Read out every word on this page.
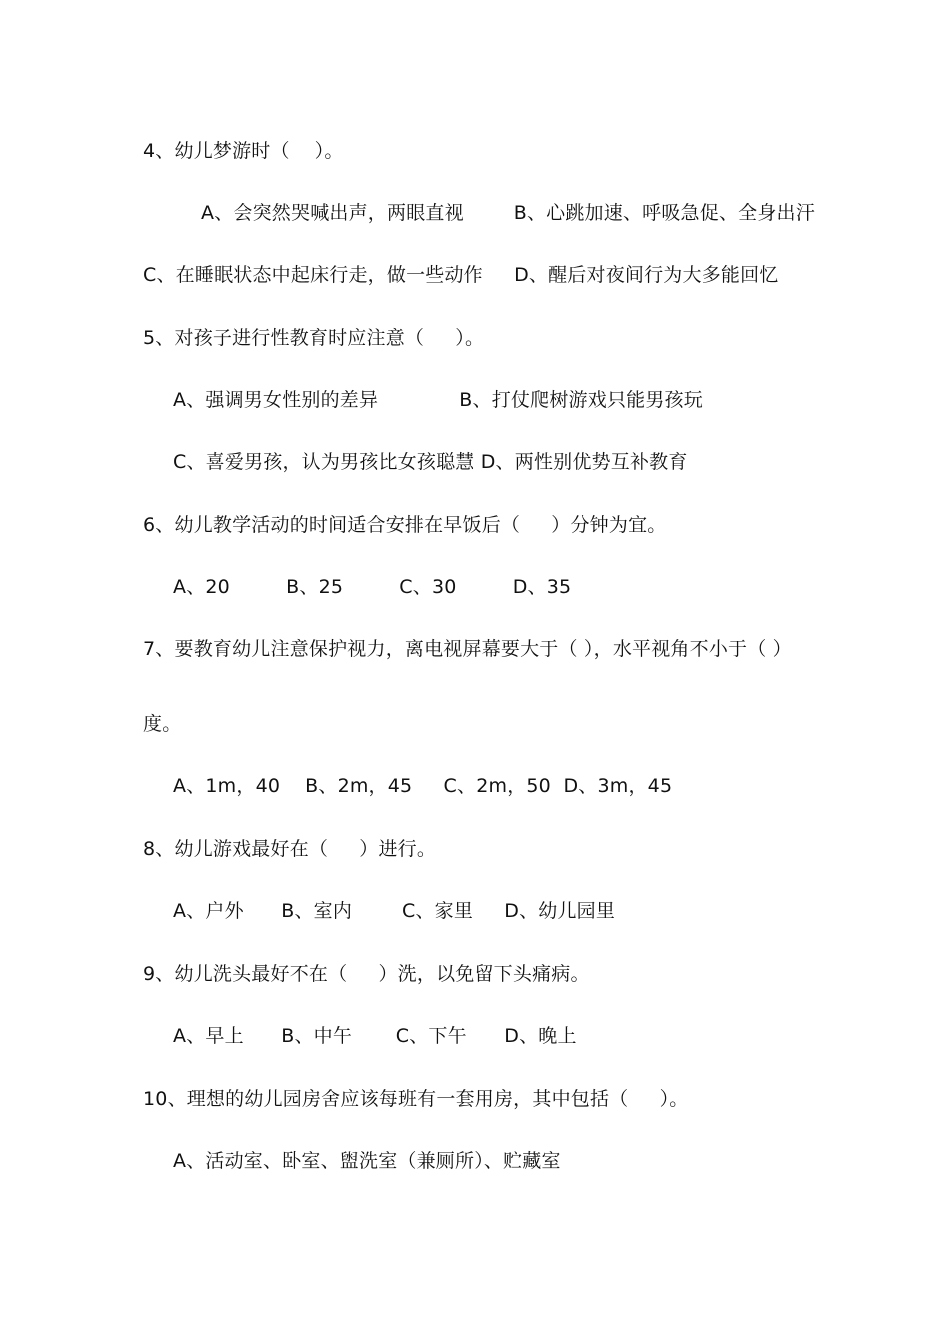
4、幼儿梦游时（    ）。
A、会突然哭喊出声，两眼直视        B、心跳加速、呼吸急促、全身出汗
C、在睡眠状态中起床行走，做一些动作     D、醒后对夜间行为大多能回忆
5、对孩子进行性教育时应注意（     ）。
A、强调男女性别的差异             B、打仗爬树游戏只能男孩玩
C、喜爱男孩，认为男孩比女孩聪慧 D、两性别优势互补教育
6、幼儿教学活动的时间适合安排在早饭后（     ）分钟为宜。
A、20         B、25         C、30         D、35
7、要教育幼儿注意保护视力，离电视屏幕要大于（ ），水平视角不小于（ ）
度。
A、1m，40    B、2m，45     C、2m，50  D、3m，45
8、幼儿游戏最好在（     ）进行。
A、户外      B、室内        C、家里     D、幼儿园里
9、幼儿洗头最好不在（     ）洗，以免留下头痛病。
A、早上      B、中午       C、下午      D、晚上
10、理想的幼儿园房舍应该每班有一套用房，其中包括（     ）。
A、活动室、卧室、盥洗室（兼厕所）、贮藏室
